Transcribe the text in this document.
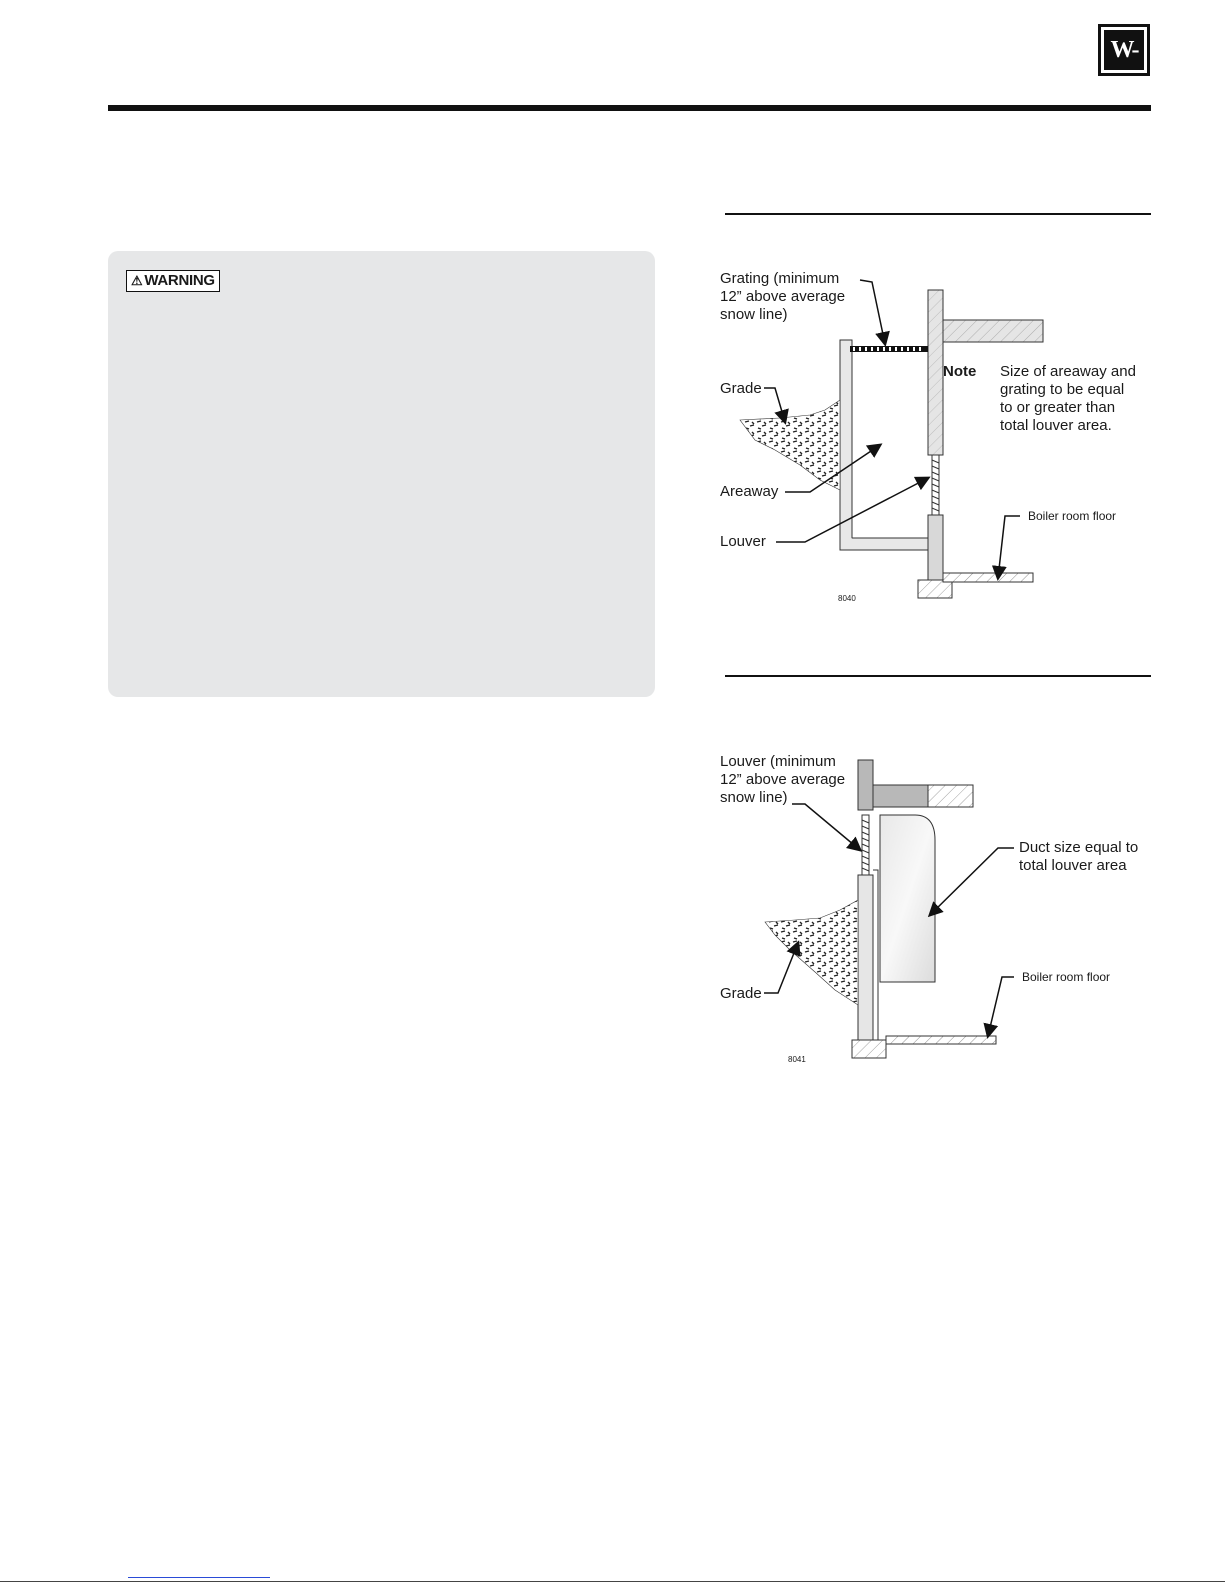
W-M
⚠ WARNING	Grating (minimum
12” above average
snow line)
Grade
Areaway
Louver
Note Size of areaway and
grating to be equal
to or greater than
total louver area.
Boiler room floor
8040
Louver (minimum
12” above average
snow line)
Duct size equal to
total louver area
Grade
Boiler room floor
8041
